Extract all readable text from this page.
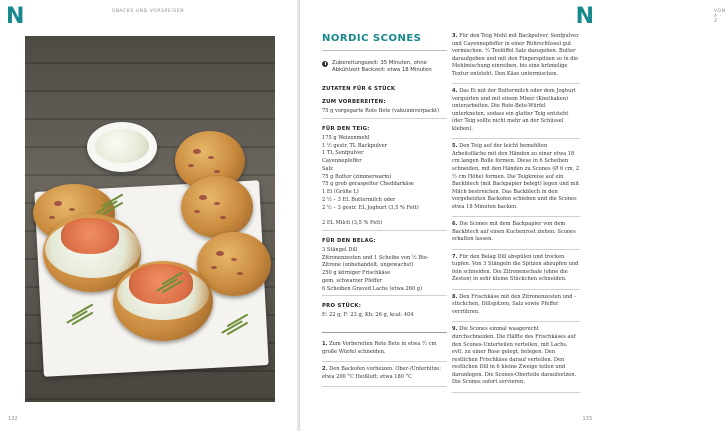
N	SNACKS UND VORSPEISEN
132
N	VON A - Z
133
NORDIC SCONES
Zubereitungszeit: 35 Minuten, ohne Abkühlzeit Backzeit: etwa 18 Minuten
ZUTATEN FÜR 6 STÜCK
ZUM VORBEREITEN:
75 g vorgegarte Rote Bete (vakuumverpackt)
FÜR DEN TEIG:
175 g Weizenmehl
1 ½ gestr. TL Backpulver
1 TL Senfpulver
Cayennepfeffer
Salz
75 g Butter (zimmerwarm)
75 g grob geraspelter Cheddarkäse
1 Ei (Größe L)
2 ½ – 3 EL Buttermilch oder
2 ½ – 3 gestr. EL Joghurt (3,5 % Fett)

2 EL Milch (3,5 % Fett)
FÜR DEN BELAG:
3 Stängel Dill
Zitronenzesten und 1 Scheibe von ½ Bio-Zitrone (unbehandelt, ungewachst)
250 g körniger Frischkäse
gem. schwarzer Pfeffer
6 Scheiben Graved Lachs (etwa 260 g)
PRO STÜCK:
E: 22 g, F: 23 g, Kh: 26 g, kcal: 404
1. Zum Vorbereiten Rote Bete in etwa ½ cm große Würfel schneiden.
2. Den Backofen vorheizen. Ober-/Unterhitze: etwa 200 °C Heißluft: etwa 180 °C
3. Für den Teig Mehl mit Backpulver, Senfpulver und Cayennepfeffer in einer Rührschüssel gut vermischen. ½ Teelöffel Salz dazugeben. Butter daraufgeben und mit den Fingerspitzen so in die Mehlmischung einreiben, bis eine krümelige Textur entsteht. Den Käse untermischen.
4. Das Ei mit der Buttermilch oder dem Joghurt verquirlen und mit einem Mixer (Knethaken) unterarbeiten. Die Rote-Bete-Würfel unterkneten, sodass ein glatter Teig entsteht (der Teig sollte nicht mehr an der Schüssel kleben).
5. Den Teig auf der leicht bemehlten Arbeitsfläche mit den Händen zu einer etwa 18 cm langen Rolle formen. Diese in 6 Scheiben schneiden, mit den Händen zu Scones (Ø 6 cm, 2 ½ cm Höhe) formen. Die Teigkreise auf ein Backblech (mit Backpapier belegt) legen und mit Milch bestreichen. Das Backblech in den vorgeheizten Backofen schieben und die Scones etwa 18 Minuten backen.
6. Die Scones mit dem Backpapier von dem Backblech auf einen Kuchenrost ziehen. Scones erkalten lassen.
7. Für den Belag Dill abspülen und trocken tupfen. Von 3 Stängeln die Spitzen abzupfen und fein schneiden. Die Zitronenschale (ohne die Zesten) in sehr kleine Stückchen schneiden.
8. Den Frischkäse mit den Zitronenzesten und -stückchen, Dillspitzen, Salz sowie Pfeffer verrühren.
9. Die Scones einmal waagerecht durchschneiden. Die Hälfte des Frischkäses auf den Scones-Unterteilen verteilen, mit Lachs, evtl. zu einer Rose gelegt, belegen. Den restlichen Frischkäse darauf verteilen. Den restlichen Dill in 6 kleine Zweige teilen und darunlegen. Die Scones-Oberteile daraufsetzen. Die Scones sofort servieren.
